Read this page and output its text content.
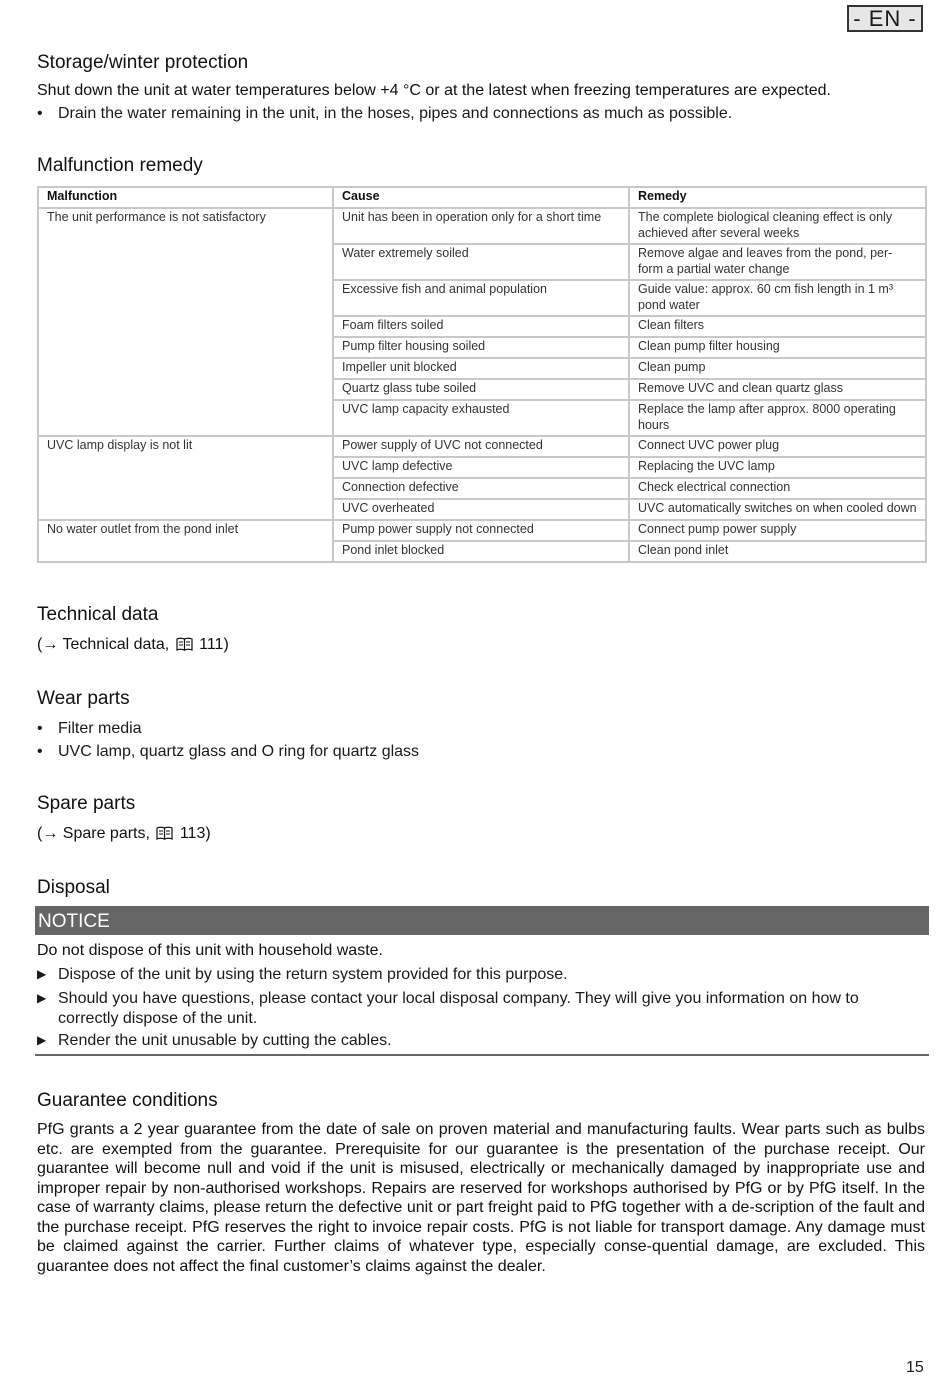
- EN -
Storage/winter protection
Shut down the unit at water temperatures below +4 °C or at the latest when freezing temperatures are expected.
• Drain the water remaining in the unit, in the hoses, pipes and connections as much as possible.
Malfunction remedy
Malfunction	Cause	Remedy
The unit performance is not satisfactory	Unit has been in operation only for a short time	The complete biological cleaning effect is only achieved after several weeks
	Water extremely soiled	Remove algae and leaves from the pond, per-form a partial water change
	Excessive fish and animal population	Guide value: approx. 60 cm fish length in 1 m³ pond water
	Foam filters soiled	Clean filters
	Pump filter housing soiled	Clean pump filter housing
	Impeller unit blocked	Clean pump
	Quartz glass tube soiled	Remove UVC and clean quartz glass
	UVC lamp capacity exhausted	Replace the lamp after approx. 8000 operating hours
UVC lamp display is not lit	Power supply of UVC not connected	Connect UVC power plug
	UVC lamp defective	Replacing the UVC lamp
	Connection defective	Check electrical connection
	UVC overheated	UVC automatically switches on when cooled down
No water outlet from the pond inlet	Pump power supply not connected	Connect pump power supply
	Pond inlet blocked	Clean pond inlet
Technical data
(→ Technical data,  111)
Wear parts
• Filter media
• UVC lamp, quartz glass and O ring for quartz glass
Spare parts
(→ Spare parts,  113)
Disposal
NOTICE
Do not dispose of this unit with household waste.
▶ Dispose of the unit by using the return system provided for this purpose.
▶ Should you have questions, please contact your local disposal company. They will give you information on how to correctly dispose of the unit.
▶ Render the unit unusable by cutting the cables.
Guarantee conditions
PfG grants a 2 year guarantee from the date of sale on proven material and manufacturing faults. Wear parts such as bulbs etc. are exempted from the guarantee. Prerequisite for our guarantee is the presentation of the purchase receipt. Our guarantee will become null and void if the unit is misused, electrically or mechanically damaged by inappropriate use and improper repair by non-authorised workshops. Repairs are reserved for workshops authorised by PfG or by PfG itself. In the case of warranty claims, please return the defective unit or part freight paid to PfG together with a de-scription of the fault and the purchase receipt. PfG reserves the right to invoice repair costs. PfG is not liable for transport damage. Any damage must be claimed against the carrier. Further claims of whatever type, especially conse-quential damage, are excluded. This guarantee does not affect the final customer’s claims against the dealer.
15
